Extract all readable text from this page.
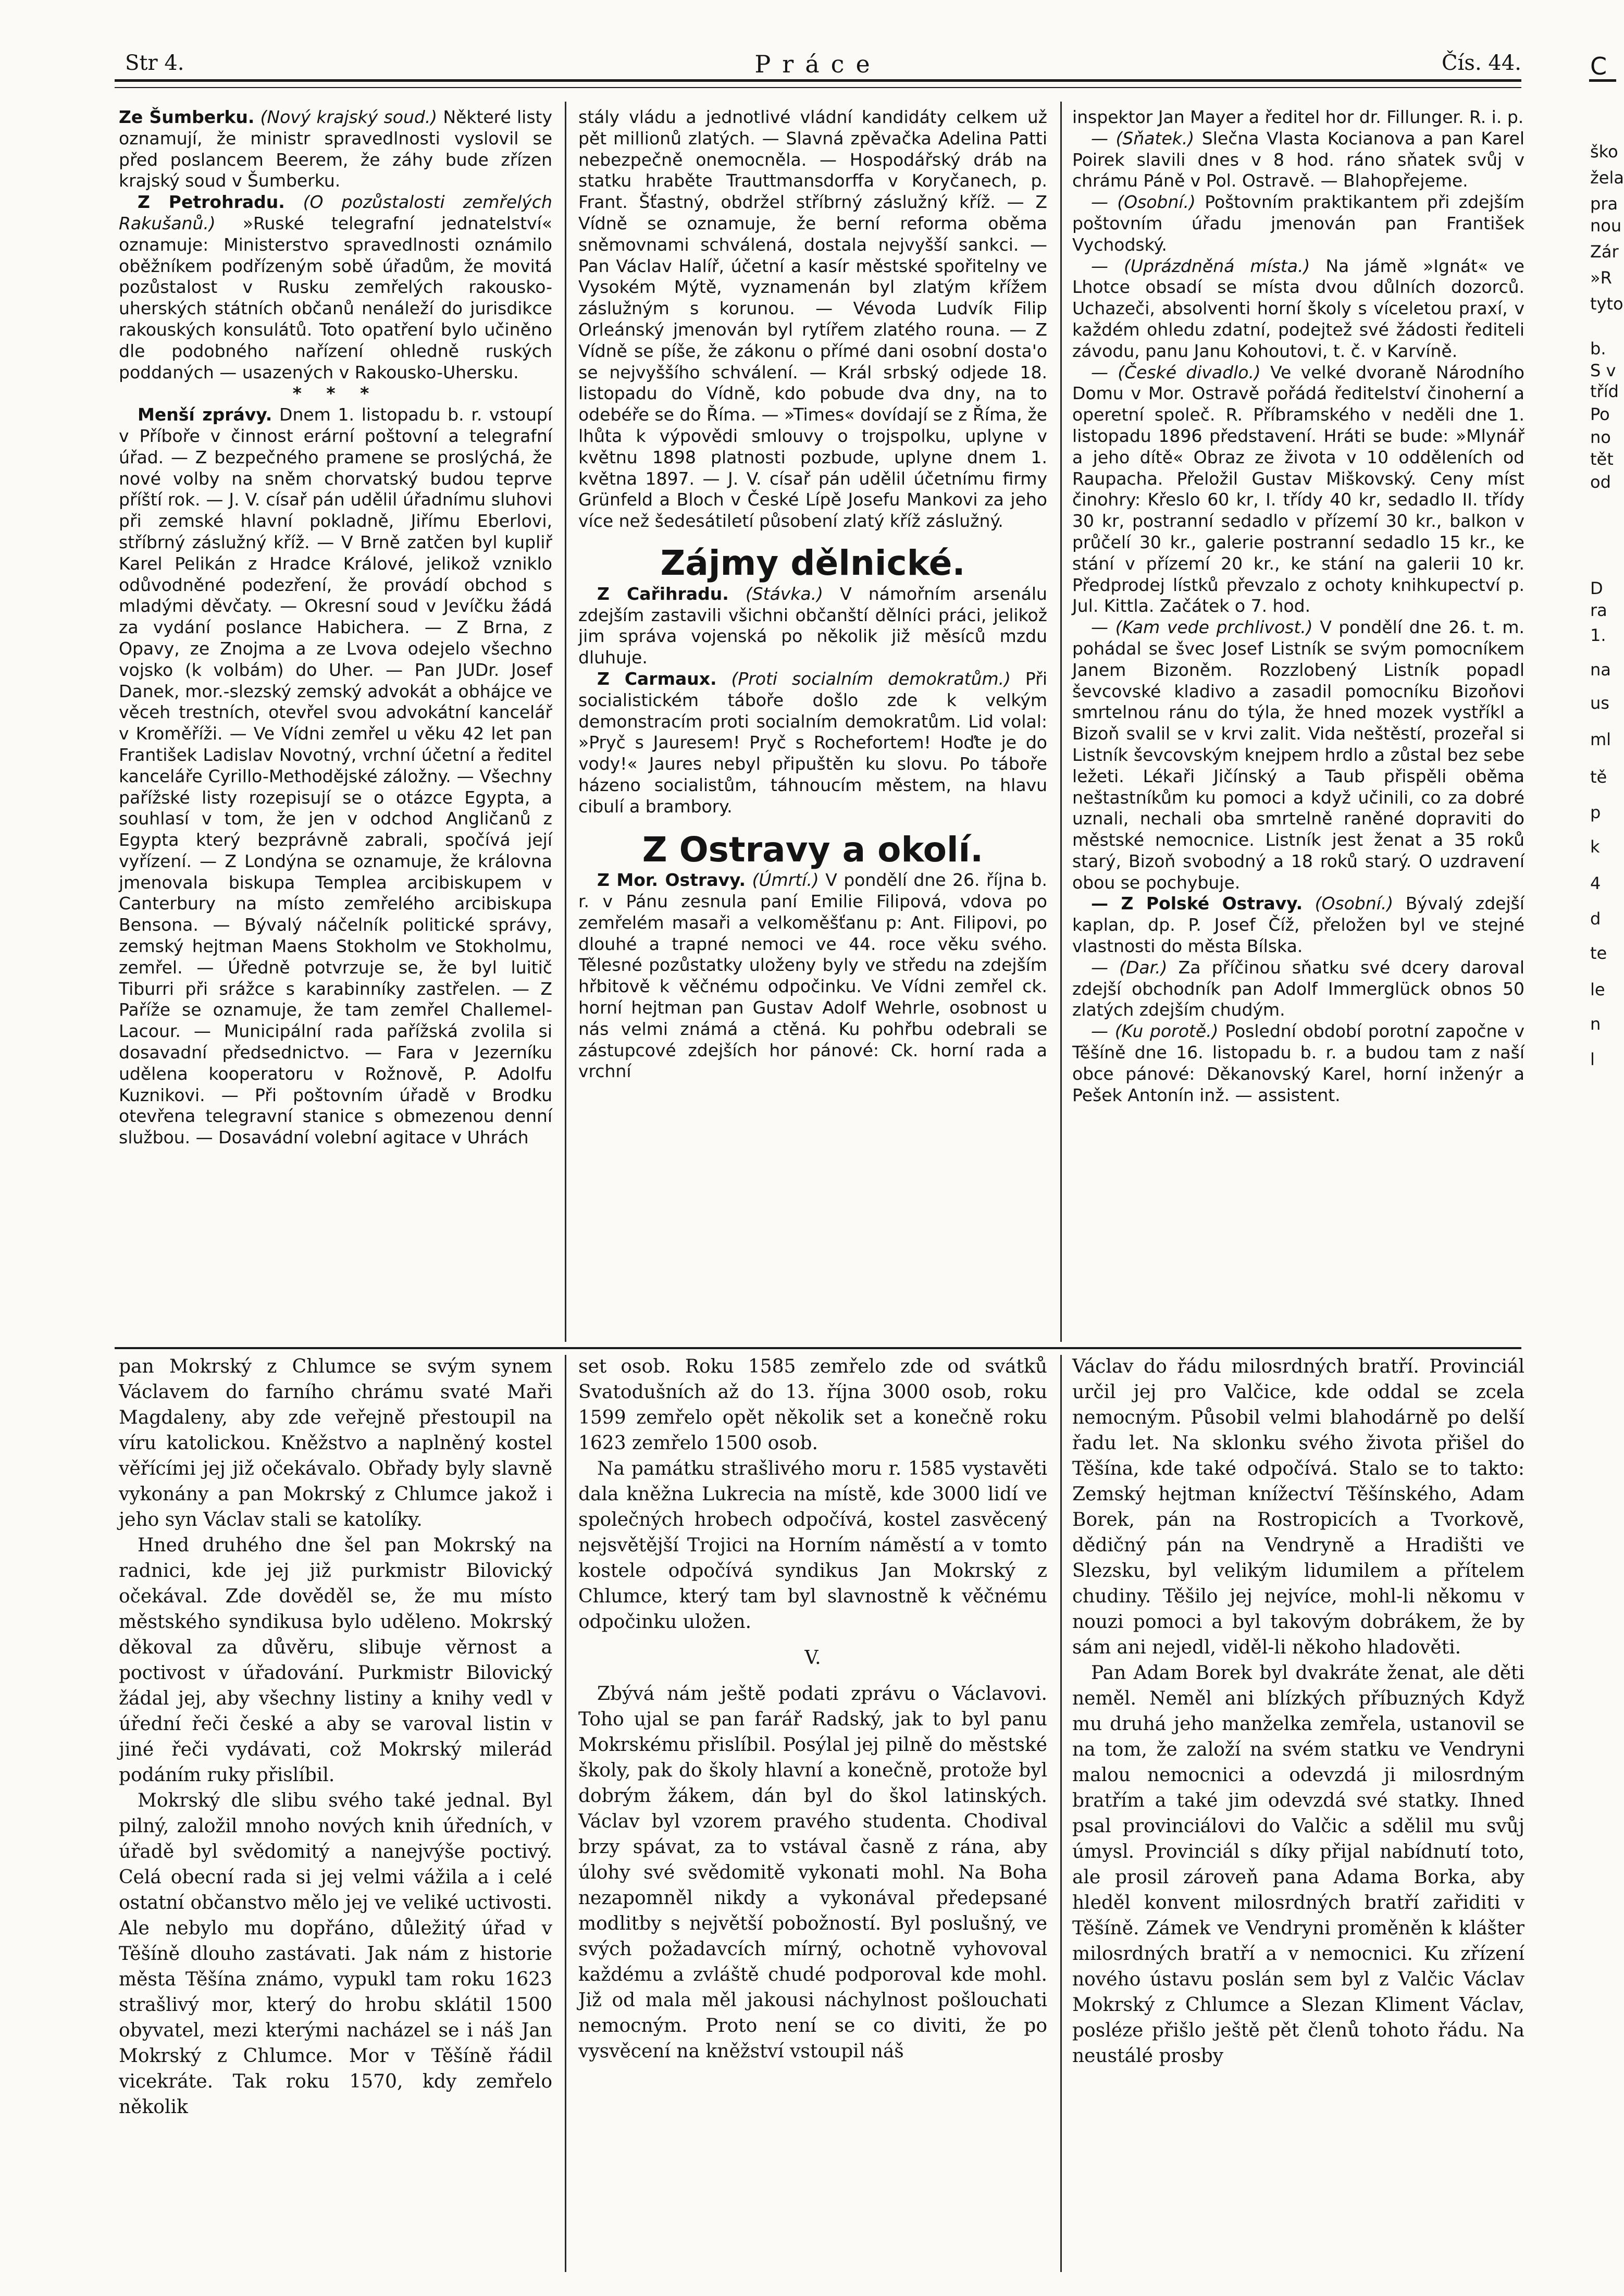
Str 4.	Práce	Čís. 44.

Ze Šumberku. (Nový krajský soud.) Některé listy oznamují, že ministr spravedlnosti vyslovil se před poslancem Beerem, že záhy bude zřízen krajský soud v Šumberku.

Z Petrohradu. (O pozůstalosti zemřelých Rakušanů.) »Ruské telegrafní jednatelství« oznamuje: Ministerstvo spravedlnosti oznámilo oběžníkem podřízeným sobě úřadům, že movitá pozůstalost v Rusku zemřelých rakousko-uherských státních občanů nenáleží do jurisdikce rakouských konsulátů. Toto opatření bylo učiněno dle podobného nařízení ohledně ruských poddaných — usazených v Rakousko-Uhersku.

* * *

Menší zprávy. Dnem 1. listopadu b. r. vstoupí v Příboře v činnost erární poštovní a telegrafní úřad. — Z bezpečného pramene se proslýchá, že nové volby na sněm chorvatský budou teprve příští rok. — J. V. císař pán udělil úřadnímu sluhovi při zemské hlavní pokladně, Jiřímu Eberlovi, stříbrný záslužný kříž. — V Brně zatčen byl kupliř Karel Pelikán z Hradce Králové, jelikož vzniklo odůvodněné podezření, že provádí obchod s mladými děvčaty. — Okresní soud v Jevíčku žádá za vydání poslance Habichera. — Z Brna, z Opavy, ze Znojma a ze Lvova odejelo všechno vojsko (k volbám) do Uher. — Pan JUDr. Josef Danek, mor.-slezský zemský advokát a obhájce ve věceh trestních, otevřel svou advokátní kancelář v Kroměříži. — Ve Vídni zemřel u věku 42 let pan František Ladislav Novotný, vrchní účetní a ředitel kanceláře Cyrillo-Methodějské záložny. — Všechny pařížské listy rozepisují se o otázce Egypta, a souhlasí v tom, že jen v odchod Angličanů z Egypta který bezprávně zabrali, spočívá její vyřízení. — Z Londýna se oznamuje, že královna jmenovala biskupa Templea arcibiskupem v Canterbury na místo zemřelého arcibiskupa Bensona. — Bývalý náčelník politické správy, zemský hejtman Maens Stokholm ve Stokholmu, zemřel. — Úředně potvrzuje se, že byl luitič Tiburri při srážce s karabinníky zastřelen. — Z Paříže se oznamuje, že tam zemřel Challemel-Lacour. — Municipální rada pařížská zvolila si dosavadní předsednictvo. — Fara v Jezerníku udělena kooperatoru v Rožnově, P. Adolfu Kuznikovi. — Při poštovním úřadě v Brodku otevřena telegravní stanice s obmezenou denní službou. — Dosavádní volební agitace v Uhrách

stály vládu a jednotlivé vládní kandidáty celkem už pět millionů zlatých. — Slavná zpěvačka Adelina Patti nebezpečně onemocněla. — Hospodářský dráb na statku hraběte Trauttmansdorffa v Koryčanech, p. Frant. Šťastný, obdržel stříbrný záslužný kříž. — Z Vídně se oznamuje, že berní reforma oběma sněmovnami schválená, dostala nejvyšší sankci. — Pan Václav Halíř, účetní a kasír městské spořitelny ve Vysokém Mýtě, vyznamenán byl zlatým křížem záslužným s korunou. — Vévoda Ludvík Filip Orleánský jmenován byl rytířem zlatého rouna. — Z Vídně se píše, že zákonu o přímé dani osobní dosta'o se nejvyššího schválení. — Král srbský odjede 18. listopadu do Vídně, kdo pobude dva dny, na to odebéře se do Říma. — »Times« dovídají se z Říma, že lhůta k výpovědi smlouvy o trojspolku, uplyne v květnu 1898 platnosti pozbude, uplyne dnem 1. května 1897. — J. V. císař pán udělil účetnímu firmy Grünfeld a Bloch v České Lípě Josefu Mankovi za jeho více než šedesátiletí působení zlatý kříž záslužný.

Zájmy dělnické.

Z Cařihradu. (Stávka.) V námořním arsenálu zdejším zastavili všichni občanští dělníci práci, jelikož jim správa vojenská po několik již měsíců mzdu dluhuje.

Z Carmaux. (Proti socialním demokratům.) Při socialistickém táboře došlo zde k velkým demonstracím proti socialním demokratům. Lid volal: »Pryč s Jauresem! Pryč s Rochefortem! Hoďte je do vody!« Jaures nebyl připuštěn ku slovu. Po táboře házeno socialistům, táhnoucím městem, na hlavu cibulí a brambory.

Z Ostravy a okolí.

Z Mor. Ostravy. (Úmrtí.) V pondělí dne 26. října b. r. v Pánu zesnula paní Emilie Filipová, vdova po zemřelém masaři a velkoměšťanu p: Ant. Filipovi, po dlouhé a trapné nemoci ve 44. roce věku svého. Tělesné pozůstatky uloženy byly ve středu na zdejším hřbitově k věčnému odpočinku. Ve Vídni zemřel ck. horní hejtman pan Gustav Adolf Wehrle, osobnost u nás velmi známá a ctěná. Ku pohřbu odebrali se zástupcové zdejších hor pánové: Ck. horní rada a vrchní

inspektor Jan Mayer a ředitel hor dr. Fillunger. R. i. p.

— (Sňatek.) Slečna Vlasta Kocianova a pan Karel Poirek slavili dnes v 8 hod. ráno sňatek svůj v chrámu Páně v Pol. Ostravě. — Blahopřejeme.

— (Osobní.) Poštovním praktikantem při zdejším poštovním úřadu jmenován pan František Vychodský.

— (Uprázdněná místa.) Na jámě »Ignát« ve Lhotce obsadí se místa dvou důlních dozorců. Uchazeči, absolventi horní školy s víceletou praxí, v každém ohledu zdatní, podejtež své žádosti řediteli závodu, panu Janu Kohoutovi, t. č. v Karvíně.

— (České divadlo.) Ve velké dvoraně Národního Domu v Mor. Ostravě pořádá ředitelství činoherní a operetní společ. R. Příbramského v neděli dne 1. listopadu 1896 představení. Hráti se bude: »Mlynář a jeho dítě« Obraz ze života v 10 odděleních od Raupacha. Přeložil Gustav Miškovský. Ceny míst činohry: Křeslo 60 kr, I. třídy 40 kr, sedadlo II. třídy 30 kr, postranní sedadlo v přízemí 30 kr., balkon v průčelí 30 kr., galerie postranní sedadlo 15 kr., ke stání v přízemí 20 kr., ke stání na galerii 10 kr. Předprodej lístků převzalo z ochoty knihkupectví p. Jul. Kittla. Začátek o 7. hod.

— (Kam vede prchlivost.) V pondělí dne 26. t. m. pohádal se švec Josef Listník se svým pomocníkem Janem Bizoněm. Rozzlobený Listník popadl ševcovské kladivo a zasadil pomocníku Bizoňovi smrtelnou ránu do týla, že hned mozek vystříkl a Bizoň svalil se v krvi zalit. Vida neštěstí, prozeřal si Listník ševcovským knejpem hrdlo a zůstal bez sebe ležeti. Lékaři Jičínský a Taub přispěli oběma neštastníkům ku pomoci a když učinili, co za dobré uznali, nechali oba smrtelně raněné dopraviti do městské nemocnice. Listník jest ženat a 35 roků starý, Bizoň svobodný a 18 roků starý. O uzdravení obou se pochybuje.

— Z Polské Ostravy. (Osobní.) Bývalý zdejší kaplan, dp. P. Josef Číž, přeložen byl ve stejné vlastnosti do města Bílska.

— (Dar.) Za příčinou sňatku své dcery daroval zdejší obchodník pan Adolf Immerglück obnos 50 zlatých zdejším chudým.

— (Ku porotě.) Poslední období porotní započne v Těšíně dne 16. listopadu b. r. a budou tam z naší obce pánové: Děkanovský Karel, horní inženýr a Pešek Antonín inž. — assistent.

pan Mokrský z Chlumce se svým synem Václavem do farního chrámu svaté Maři Magdaleny, aby zde veřejně přestoupil na víru katolickou. Kněžstvo a naplněný kostel věřícími jej již očekávalo. Obřady byly slavně vykonány a pan Mokrský z Chlumce jakož i jeho syn Václav stali se katolíky.

Hned druhého dne šel pan Mokrský na radnici, kde jej již purkmistr Bilovický očekával. Zde dověděl se, že mu místo městského syndikusa bylo uděleno. Mokrský děkoval za důvěru, slibuje věrnost a poctivost v úřadování. Purkmistr Bilovický žádal jej, aby všechny listiny a knihy vedl v úřední řeči české a aby se varoval listin v jiné řeči vydávati, což Mokrský milerád podáním ruky přislíbil.

Mokrský dle slibu svého také jednal. Byl pilný, založil mnoho nových knih úředních, v úřadě byl svědomitý a nanejvýše poctivý. Celá obecní rada si jej velmi vážila a i celé ostatní občanstvo mělo jej ve veliké uctivosti. Ale nebylo mu dopřáno, důležitý úřad v Těšíně dlouho zastávati. Jak nám z historie města Těšína známo, vypukl tam roku 1623 strašlivý mor, který do hrobu sklátil 1500 obyvatel, mezi kterými nacházel se i náš Jan Mokrský z Chlumce. Mor v Těšíně řádil vicekráte. Tak roku 1570, kdy zemřelo několik

set osob. Roku 1585 zemřelo zde od svátků Svatodušních až do 13. října 3000 osob, roku 1599 zemřelo opět několik set a konečně roku 1623 zemřelo 1500 osob.

Na památku strašlivého moru r. 1585 vystavěti dala kněžna Lukrecia na místě, kde 3000 lidí ve společných hrobech odpočívá, kostel zasvěcený nejsvětější Trojici na Horním náměstí a v tomto kostele odpočívá syndikus Jan Mokrský z Chlumce, který tam byl slavnostně k věčnému odpočinku uložen.

V.

Zbývá nám ještě podati zprávu o Václavovi. Toho ujal se pan farář Radský, jak to byl panu Mokrskému přislíbil. Posýlal jej pilně do městské školy, pak do školy hlavní a konečně, protože byl dobrým žákem, dán byl do škol latinských. Václav byl vzorem pravého studenta. Chodival brzy spávat, za to vstával časně z rána, aby úlohy své svědomitě vykonati mohl. Na Boha nezapomněl nikdy a vykonával předepsané modlitby s největší pobožností. Byl poslušný, ve svých požadavcích mírný, ochotně vyhovoval každému a zvláště chudé podporoval kde mohl. Již od mala měl jakousi náchylnost pošlouchati nemocným. Proto není se co diviti, že po vysvěcení na kněžství vstoupil náš

Václav do řádu milosrdných bratří. Provinciál určil jej pro Valčice, kde oddal se zcela nemocným. Působil velmi blahodárně po delší řadu let. Na sklonku svého života přišel do Těšína, kde také odpočívá. Stalo se to takto: Zemský hejtman knížectví Těšínského, Adam Borek, pán na Rostropicích a Tvorkově, dědičný pán na Vendryně a Hradišti ve Slezsku, byl velikým lidumilem a přítelem chudiny. Těšilo jej nejvíce, mohl-li někomu v nouzi pomoci a byl takovým dobrákem, že by sám ani nejedl, viděl-li někoho hladověti.

Pan Adam Borek byl dvakráte ženat, ale děti neměl. Neměl ani blízkých příbuzných Když mu druhá jeho manželka zemřela, ustanovil se na tom, že založí na svém statku ve Vendryni malou nemocnici a odevzdá ji milosrdným bratřím a také jim odevzdá své statky. Ihned psal provinciálovi do Valčic a sdělil mu svůj úmysl. Provinciál s díky přijal nabídnutí toto, ale prosil zároveň pana Adama Borka, aby hleděl konvent milosrdných bratří zařiditi v Těšíně. Zámek ve Vendryni proměněn k klášter milosrdných bratří a v nemocnici. Ku zřízení nového ústavu poslán sem byl z Valčic Václav Mokrský z Chlumce a Slezan Kliment Václav, posléze přišlo ještě pět členů tohoto řádu. Na neustálé prosby

C
ško
žela
pra
nou
Zár
»R
tyto
b.
S v
tříd
Po
no
tět
od
D
ra
1.
na
us
ml
tě
p
k
4
d
te
le
n
l
